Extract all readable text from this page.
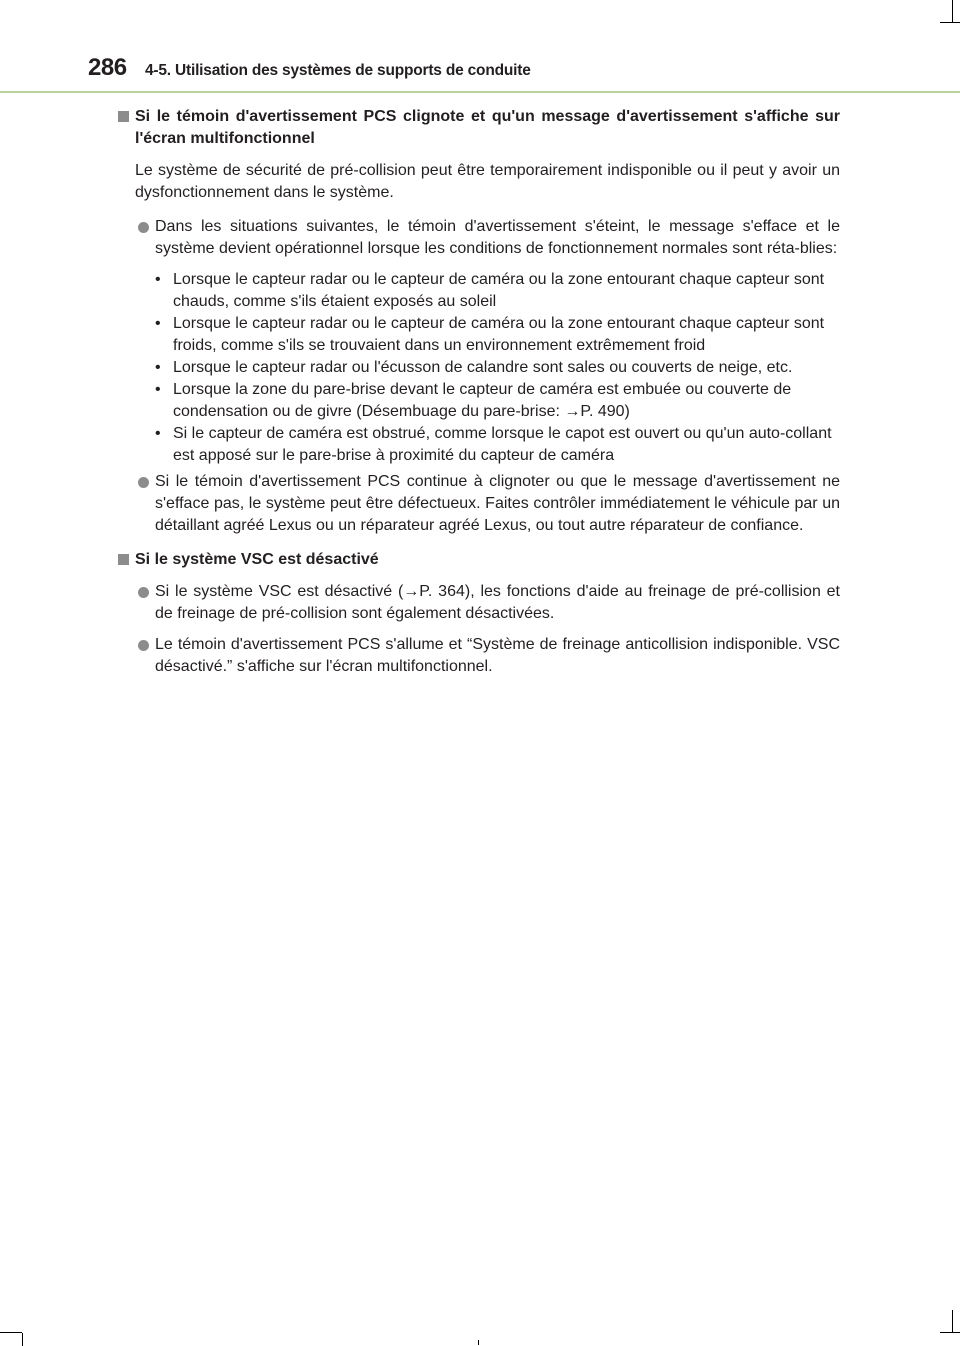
286 4-5. Utilisation des systèmes de supports de conduite
Si le témoin d'avertissement PCS clignote et qu'un message d'avertissement s'affiche sur l'écran multifonctionnel
Le système de sécurité de pré-collision peut être temporairement indisponible ou il peut y avoir un dysfonctionnement dans le système.
Dans les situations suivantes, le témoin d'avertissement s'éteint, le message s'efface et le système devient opérationnel lorsque les conditions de fonctionnement normales sont réta-blies:
• Lorsque le capteur radar ou le capteur de caméra ou la zone entourant chaque capteur sont chauds, comme s'ils étaient exposés au soleil
• Lorsque le capteur radar ou le capteur de caméra ou la zone entourant chaque capteur sont froids, comme s'ils se trouvaient dans un environnement extrêmement froid
• Lorsque le capteur radar ou l'écusson de calandre sont sales ou couverts de neige, etc.
• Lorsque la zone du pare-brise devant le capteur de caméra est embuée ou couverte de condensation ou de givre (Désembuage du pare-brise: →P. 490)
• Si le capteur de caméra est obstrué, comme lorsque le capot est ouvert ou qu'un auto-collant est apposé sur le pare-brise à proximité du capteur de caméra
Si le témoin d'avertissement PCS continue à clignoter ou que le message d'avertissement ne s'efface pas, le système peut être défectueux. Faites contrôler immédiatement le véhicule par un détaillant agréé Lexus ou un réparateur agréé Lexus, ou tout autre réparateur de confiance.
Si le système VSC est désactivé
Si le système VSC est désactivé (→P. 364), les fonctions d'aide au freinage de pré-collision et de freinage de pré-collision sont également désactivées.
Le témoin d'avertissement PCS s'allume et “Système de freinage anticollision indisponible. VSC désactivé.” s'affiche sur l'écran multifonctionnel.
